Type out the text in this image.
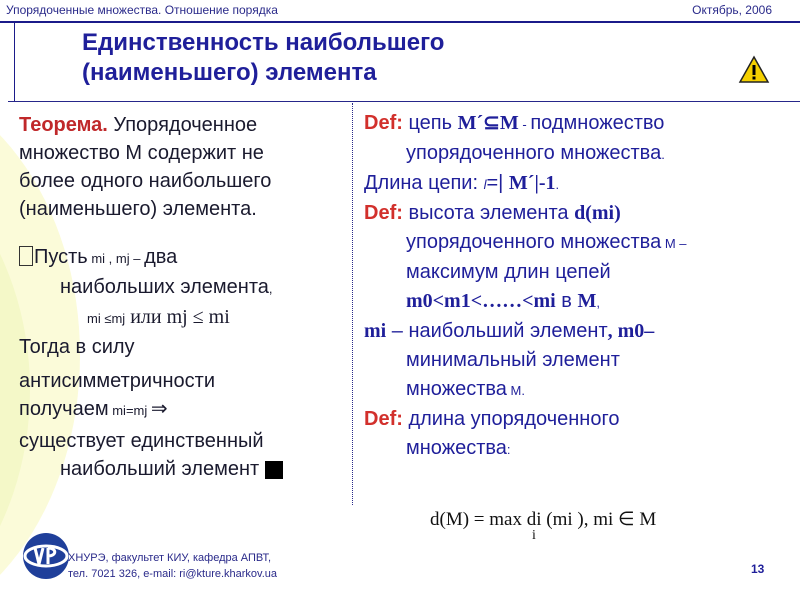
Упорядоченные множества. Отношение порядка	Октябрь, 2006
Единственность наибольшего
(наименьшего) элемента
Теорема. Упорядоченное
множество М содержит не
более одного наибольшего
(наименьшего) элемента.
Пусть mi , mj – два
наибольших элемента,
mi ≤mj или mj ≤ mi
Тогда в силу
антисимметричности
получаем mi=mj ⇒
существует единственный
наибольший элемент
Def: цепь M´⊆M - подмножество
упорядоченного множества.
Длина цепи: l=| M´|-1.
Def: высота элемента d(mi)
упорядоченного множества М –
максимум длин цепей
m0<m1<……<mi в M,
mi – наибольший элемент, m0–
минимальный элемент
множества М.
Def: длина упорядоченного
множества:
d(M) = max di (mi ), mi ∈ M
i
ХНУРЭ, факультет КИУ, кафедра АПВТ,
тел. 7021 326, e-mail: ri@kture.kharkov.ua	13
